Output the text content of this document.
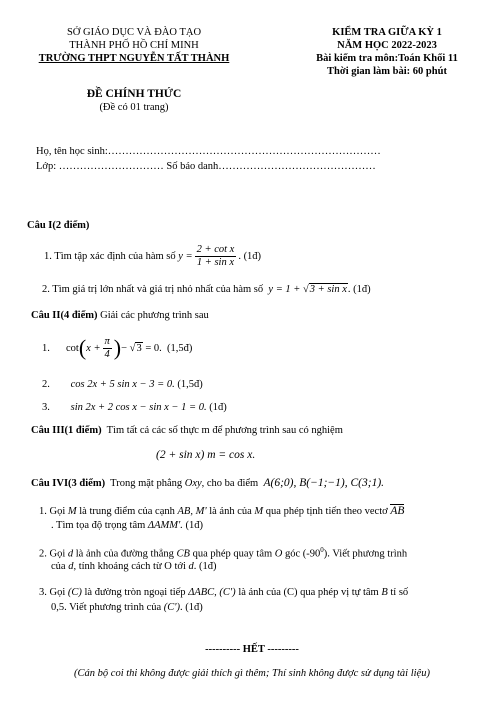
SỞ GIÁO DỤC VÀ ĐÀO TẠO
THÀNH PHỐ HỒ CHÍ MINH
TRƯỜNG THPT NGUYỄN TẤT THÀNH
ĐỀ CHÍNH THỨC
(Đề có 01 trang)
KIỂM TRA GIỮA KỲ 1
NĂM HỌC 2022-2023
Bài kiểm tra môn:Toán Khối 11
Thời gian làm bài: 60 phút
Họ, tên học sinh:……………………………………………………………………
Lớp: ………………………… Số báo danh………………………………………
Câu I(2 điểm)
1. Tìm tập xác định của hàm số
$y = \frac{\text{2 + cot x}}{\text{1 + sin x}}$ . (1đ)
2. Tìm giá trị lớn nhất và giá trị nhỏ nhất của hàm số y = 1 + √3 + sin x. (1đ)
Câu II(4 điểm) Giải các phương trình sau
1.	cot ( $x + \frac{\pi}{4}$ ) −
√ 3
= 0.
(1,5đ)
2. cos 2x + 5 sin x − 3 = 0. (1,5đ)
3. sin 2x + 2 cos x − sin x − 1 = 0. (1đ)
Câu III(1 điểm) Tìm tất cả các số thực m để phương trình sau có nghiệm
(2 + sin x) m = cos x.
Câu IVI(3 điểm) Trong mặt phẳng Oxy, cho ba điểm A(6;0), B(−1;−1), C(3;1).
1. Gọi M là trung điểm của cạnh AB, M' là ảnh của M qua phép tịnh tiến theo vectơ AB
. Tìm tọa độ trọng tâm ΔAMM'. (1đ)
2. Gọi d là ảnh của đường thẳng CB qua phép quay tâm O góc $(-90^0)$. Viết phương trình
của d, tính khoảng cách từ O tới d. (1đ)
3. Gọi (C) là đường tròn ngoại tiếp ΔABC, (C') là ảnh của (C) qua phép vị tự tâm B tỉ số
0,5. Viết phương trình của (C'). (1đ)
---------- HẾT ---------
(Cán bộ coi thi không được giải thích gì thêm; Thí sinh không được sử dụng tài liệu)
